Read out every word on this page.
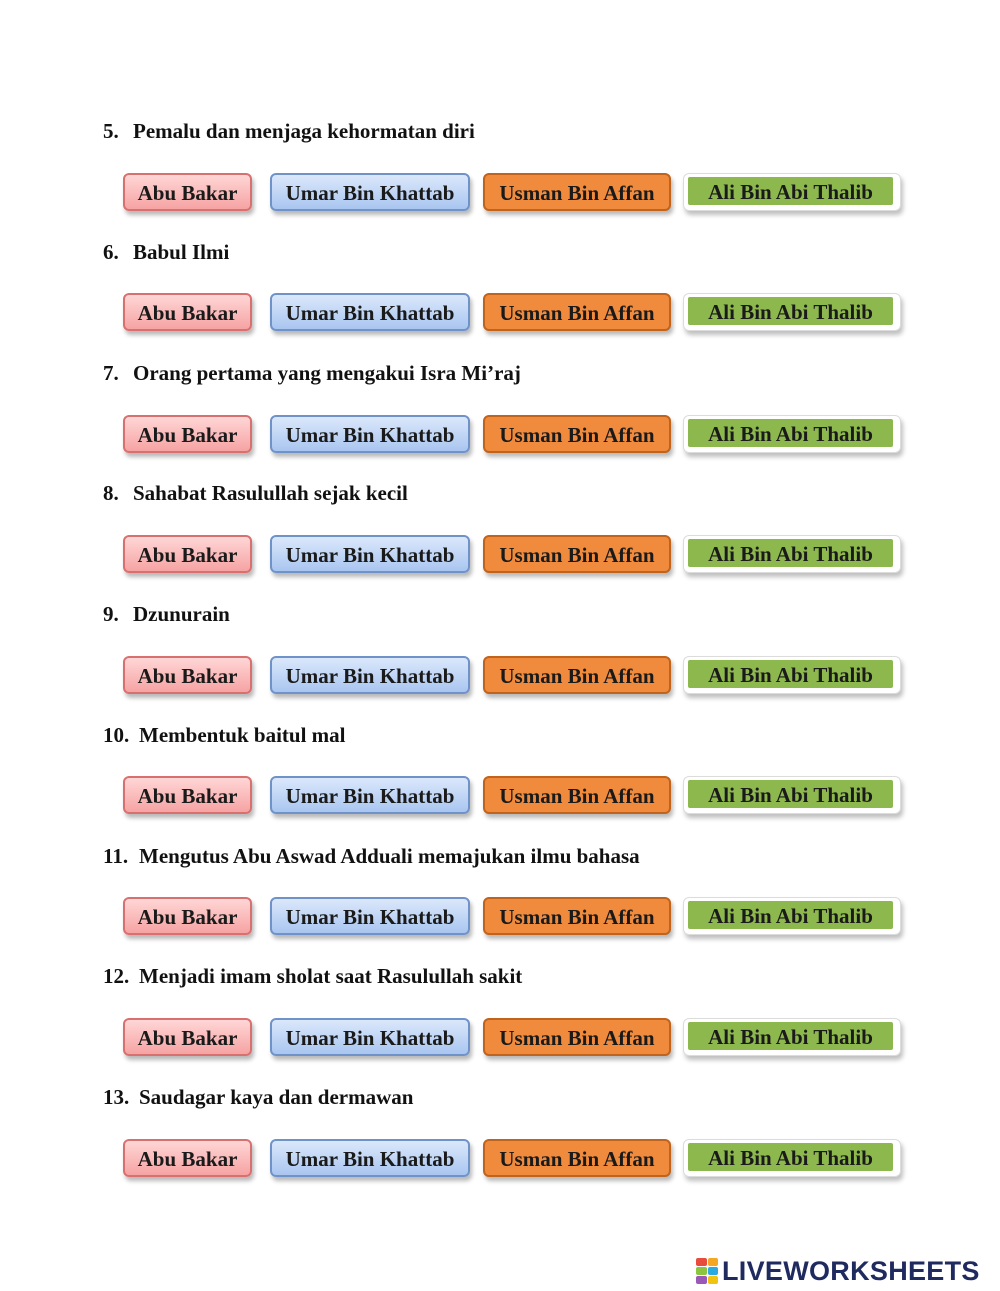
5. Pemalu dan menjaga kehormatan diri
Abu Bakar	Umar Bin Khattab	Usman Bin Affan	Ali Bin Abi Thalib
6. Babul Ilmi
Abu Bakar	Umar Bin Khattab	Usman Bin Affan	Ali Bin Abi Thalib
7. Orang pertama yang mengakui Isra Mi’raj
Abu Bakar	Umar Bin Khattab	Usman Bin Affan	Ali Bin Abi Thalib
8. Sahabat Rasulullah sejak kecil
Abu Bakar	Umar Bin Khattab	Usman Bin Affan	Ali Bin Abi Thalib
9. Dzunurain
Abu Bakar	Umar Bin Khattab	Usman Bin Affan	Ali Bin Abi Thalib
10. Membentuk baitul mal
Abu Bakar	Umar Bin Khattab	Usman Bin Affan	Ali Bin Abi Thalib
11. Mengutus Abu Aswad Adduali memajukan ilmu bahasa
Abu Bakar	Umar Bin Khattab	Usman Bin Affan	Ali Bin Abi Thalib
12. Menjadi imam sholat saat Rasulullah sakit
Abu Bakar	Umar Bin Khattab	Usman Bin Affan	Ali Bin Abi Thalib
13. Saudagar kaya dan dermawan
Abu Bakar	Umar Bin Khattab	Usman Bin Affan	Ali Bin Abi Thalib
LIVEWORKSHEETS
